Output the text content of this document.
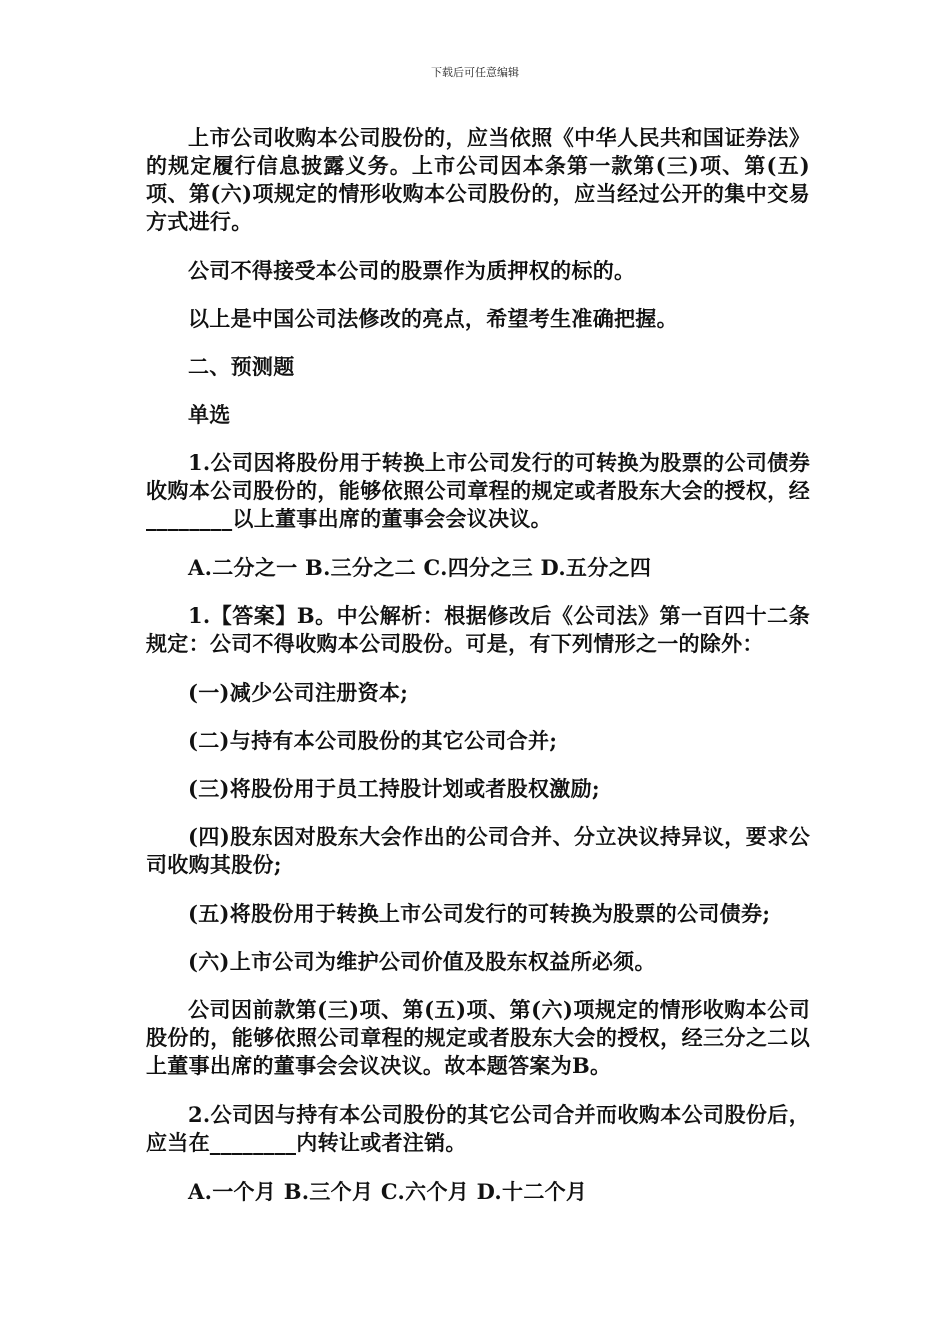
下载后可任意编辑

上市公司收购本公司股份的，应当依照《中华人民共和国证券法》的规定履行信息披露义务。上市公司因本条第一款第(三)项、第(五)项、第(六)项规定的情形收购本公司股份的，应当经过公开的集中交易方式进行。

公司不得接受本公司的股票作为质押权的标的。

以上是中国公司法修改的亮点，希望考生准确把握。

二、预测题

单选

1.公司因将股份用于转换上市公司发行的可转换为股票的公司债券收购本公司股份的，能够依照公司章程的规定或者股东大会的授权，经________以上董事出席的董事会会议决议。

A.二分之一 B.三分之二 C.四分之三 D.五分之四

1.【答案】B。中公解析：根据修改后《公司法》第一百四十二条规定：公司不得收购本公司股份。可是，有下列情形之一的除外：

(一)减少公司注册资本;

(二)与持有本公司股份的其它公司合并;

(三)将股份用于员工持股计划或者股权激励;

(四)股东因对股东大会作出的公司合并、分立决议持异议，要求公司收购其股份;

(五)将股份用于转换上市公司发行的可转换为股票的公司债券;

(六)上市公司为维护公司价值及股东权益所必须。

公司因前款第(三)项、第(五)项、第(六)项规定的情形收购本公司股份的，能够依照公司章程的规定或者股东大会的授权，经三分之二以上董事出席的董事会会议决议。故本题答案为B。

2.公司因与持有本公司股份的其它公司合并而收购本公司股份后，应当在________内转让或者注销。

A.一个月 B.三个月 C.六个月 D.十二个月
